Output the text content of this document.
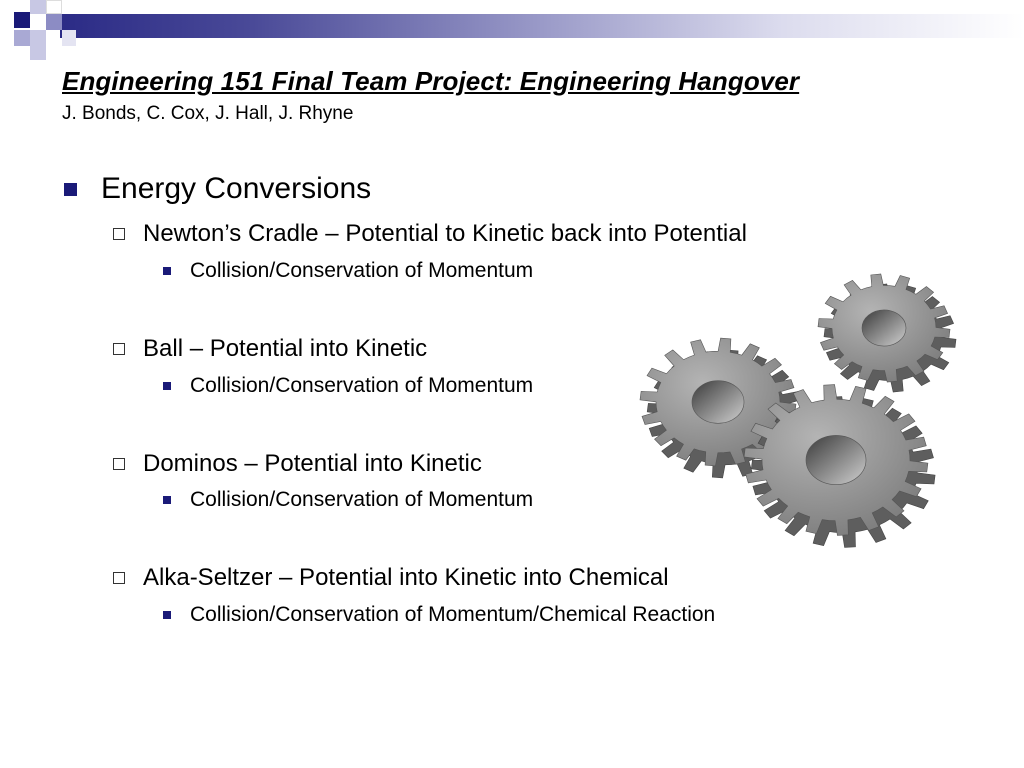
Engineering 151 Final Team Project: Engineering Hangover

J. Bonds, C. Cox, J. Hall, J. Rhyne

Energy Conversions
Newton’s Cradle – Potential to Kinetic back into Potential
Collision/Conservation of Momentum
Ball – Potential into Kinetic
Collision/Conservation of Momentum
Dominos – Potential into Kinetic
Collision/Conservation of Momentum
Alka-Seltzer – Potential into Kinetic into Chemical
Collision/Conservation of Momentum/Chemical Reaction
